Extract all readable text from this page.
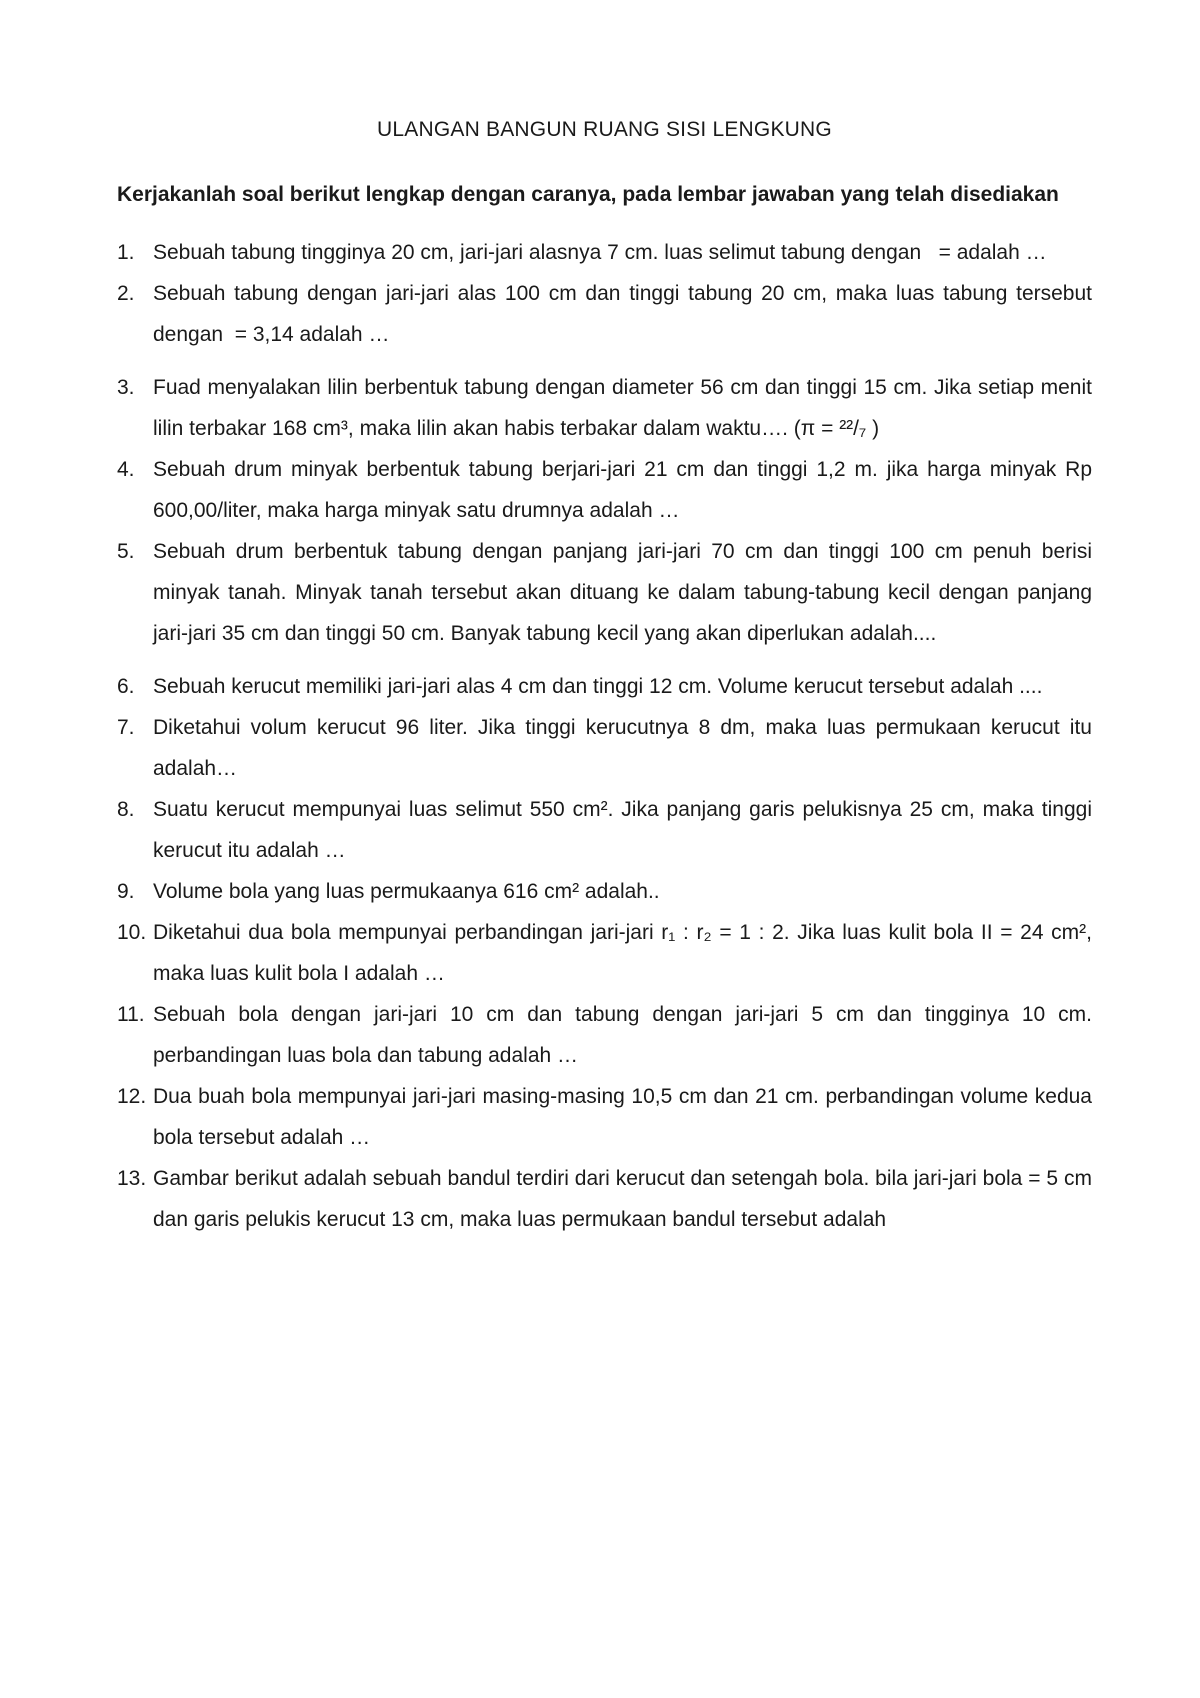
ULANGAN BANGUN RUANG SISI LENGKUNG
Kerjakanlah soal berikut lengkap dengan caranya, pada lembar jawaban yang telah disediakan
1. Sebuah tabung tingginya 20 cm, jari-jari alasnya 7 cm. luas selimut tabung dengan   = adalah …
2. Sebuah tabung dengan jari-jari alas 100 cm dan tinggi tabung 20 cm, maka luas tabung tersebut dengan  = 3,14 adalah …
3. Fuad menyalakan lilin berbentuk tabung dengan diameter 56 cm dan tinggi 15 cm. Jika setiap menit lilin terbakar 168 cm³, maka lilin akan habis terbakar dalam waktu…. (π = ²²/₇ )
4. Sebuah drum minyak berbentuk tabung berjari-jari 21 cm dan tinggi 1,2 m. jika harga minyak Rp 600,00/liter, maka harga minyak satu drumnya adalah …
5. Sebuah drum berbentuk tabung dengan panjang jari-jari 70 cm dan tinggi 100 cm penuh berisi minyak tanah. Minyak tanah tersebut akan dituang ke dalam tabung-tabung kecil dengan panjang jari-jari 35 cm dan tinggi 50 cm. Banyak tabung kecil yang akan diperlukan adalah....
6. Sebuah kerucut memiliki jari-jari alas 4 cm dan tinggi 12 cm. Volume kerucut tersebut adalah ....
7. Diketahui volum kerucut 96 liter. Jika tinggi kerucutnya 8 dm, maka luas permukaan kerucut itu adalah…
8. Suatu kerucut mempunyai luas selimut 550 cm². Jika panjang garis pelukisnya 25 cm, maka tinggi kerucut itu adalah …
9. Volume bola yang luas permukaanya 616 cm² adalah..
10. Diketahui dua bola mempunyai perbandingan jari-jari r₁ : r₂ = 1 : 2. Jika luas kulit bola II = 24 cm², maka luas kulit bola I adalah …
11. Sebuah bola dengan jari-jari 10 cm dan tabung dengan jari-jari 5 cm dan tingginya 10 cm. perbandingan luas bola dan tabung adalah …
12. Dua buah bola mempunyai jari-jari masing-masing 10,5 cm dan 21 cm. perbandingan volume kedua bola tersebut adalah …
13. Gambar berikut adalah sebuah bandul terdiri dari kerucut dan setengah bola. bila jari-jari bola = 5 cm dan garis pelukis kerucut 13 cm, maka luas permukaan bandul tersebut adalah
